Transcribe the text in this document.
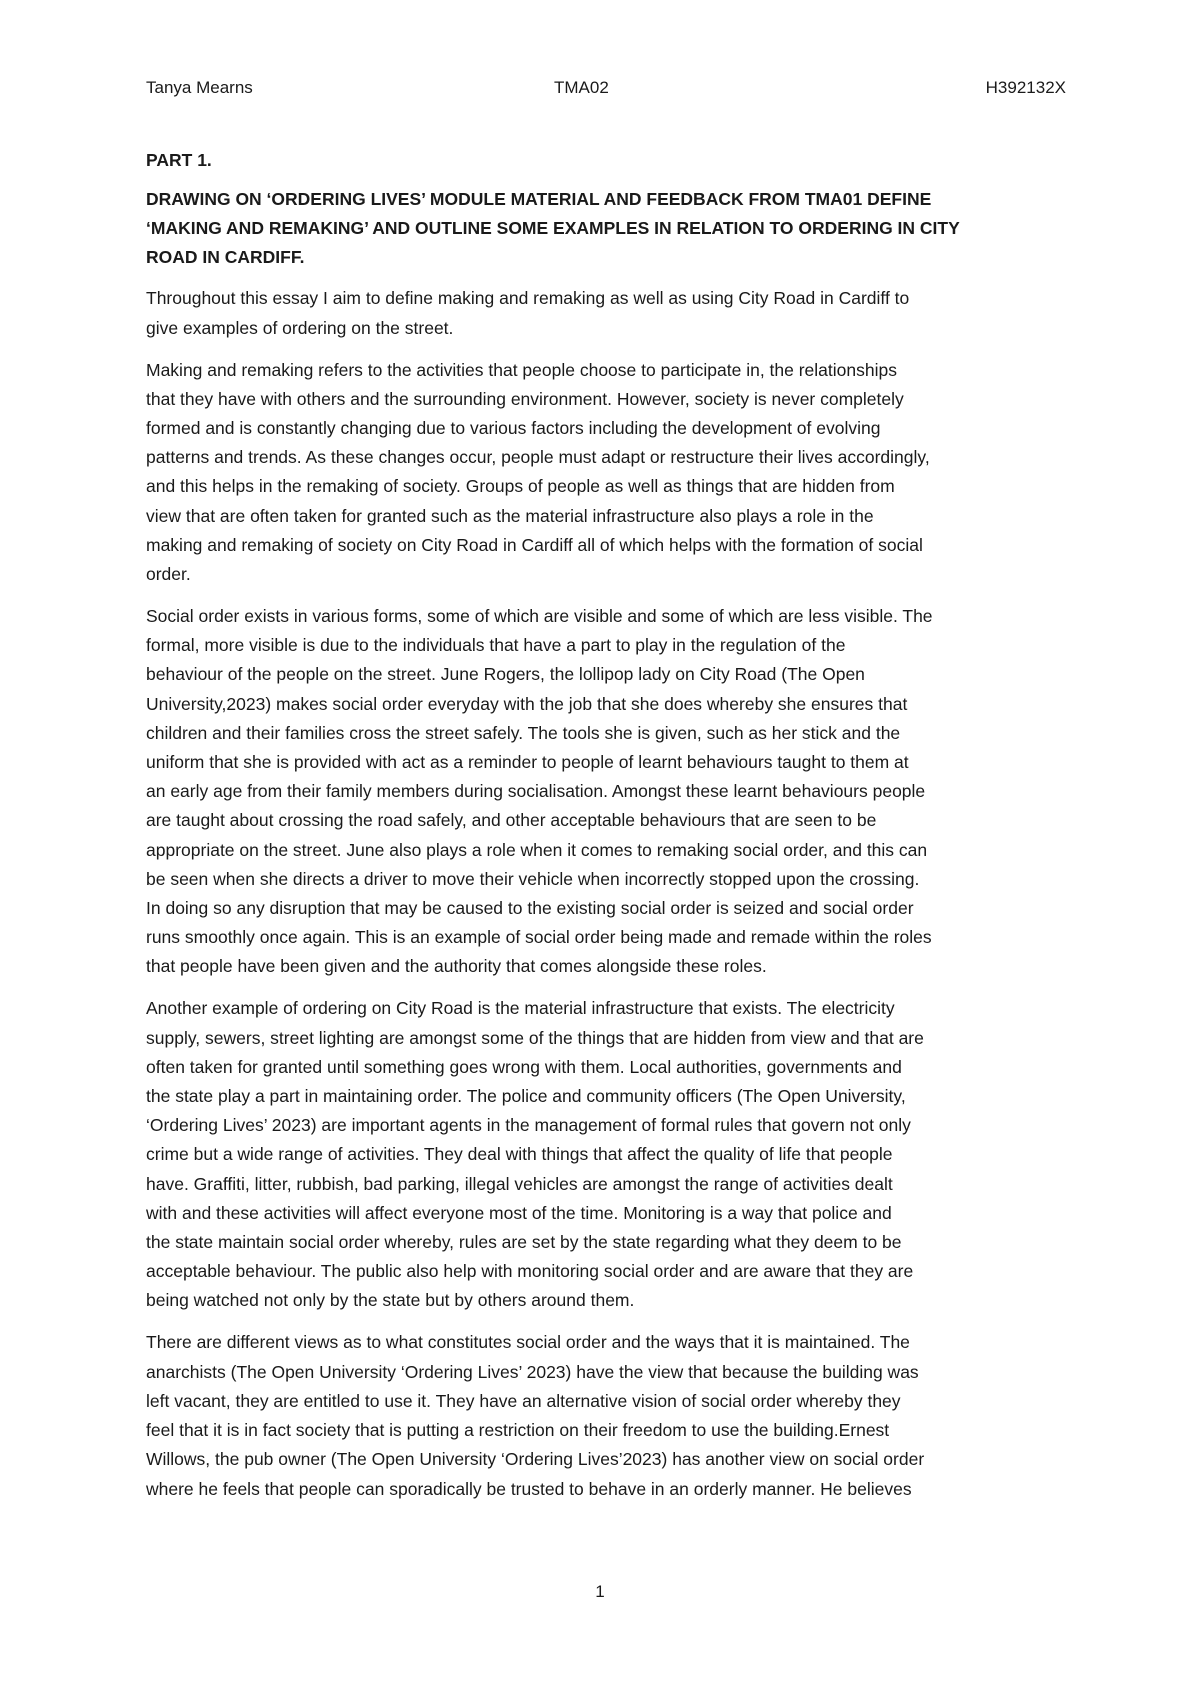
Tanya Mearns	TMA02	H392132X
PART 1.
DRAWING ON ‘ORDERING LIVES’ MODULE MATERIAL AND FEEDBACK FROM TMA01 DEFINE
‘MAKING AND REMAKING’ AND OUTLINE SOME EXAMPLES IN RELATION TO ORDERING IN CITY
ROAD IN CARDIFF.
Throughout this essay I aim to define making and remaking as well as using City Road in Cardiff to
give examples of ordering on the street.
Making and remaking refers to the activities that people choose to participate in, the relationships
that they have with others and the surrounding environment. However, society is never completely
formed and is constantly changing due to various factors including the development of evolving
patterns and trends. As these changes occur, people must adapt or restructure their lives accordingly,
and this helps in the remaking of society. Groups of people as well as things that are hidden from
view that are often taken for granted such as the material infrastructure also plays a role in the
making and remaking of society on City Road in Cardiff all of which helps with the formation of social
order.
Social order exists in various forms, some of which are visible and some of which are less visible. The
formal, more visible is due to the individuals that have a part to play in the regulation of the
behaviour of the people on the street. June Rogers, the lollipop lady on City Road (The Open
University,2023) makes social order everyday with the job that she does whereby she ensures that
children and their families cross the street safely. The tools she is given, such as her stick and the
uniform that she is provided with act as a reminder to people of learnt behaviours taught to them at
an early age from their family members during socialisation. Amongst these learnt behaviours people
are taught about crossing the road safely, and other acceptable behaviours that are seen to be
appropriate on the street. June also plays a role when it comes to remaking social order, and this can
be seen when she directs a driver to move their vehicle when incorrectly stopped upon the crossing.
In doing so any disruption that may be caused to the existing social order is seized and social order
runs smoothly once again. This is an example of social order being made and remade within the roles
that people have been given and the authority that comes alongside these roles.
Another example of ordering on City Road is the material infrastructure that exists. The electricity
supply, sewers, street lighting are amongst some of the things that are hidden from view and that are
often taken for granted until something goes wrong with them. Local authorities, governments and
the state play a part in maintaining order. The police and community officers (The Open University,
‘Ordering Lives’ 2023) are important agents in the management of formal rules that govern not only
crime but a wide range of activities. They deal with things that affect the quality of life that people
have. Graffiti, litter, rubbish, bad parking, illegal vehicles are amongst the range of activities dealt
with and these activities will affect everyone most of the time. Monitoring is a way that police and
the state maintain social order whereby, rules are set by the state regarding what they deem to be
acceptable behaviour. The public also help with monitoring social order and are aware that they are
being watched not only by the state but by others around them.
There are different views as to what constitutes social order and the ways that it is maintained. The
anarchists (The Open University ‘Ordering Lives’ 2023) have the view that because the building was
left vacant, they are entitled to use it. They have an alternative vision of social order whereby they
feel that it is in fact society that is putting a restriction on their freedom to use the building.Ernest
Willows, the pub owner (The Open University ‘Ordering Lives’2023) has another view on social order
where he feels that people can sporadically be trusted to behave in an orderly manner. He believes
1
